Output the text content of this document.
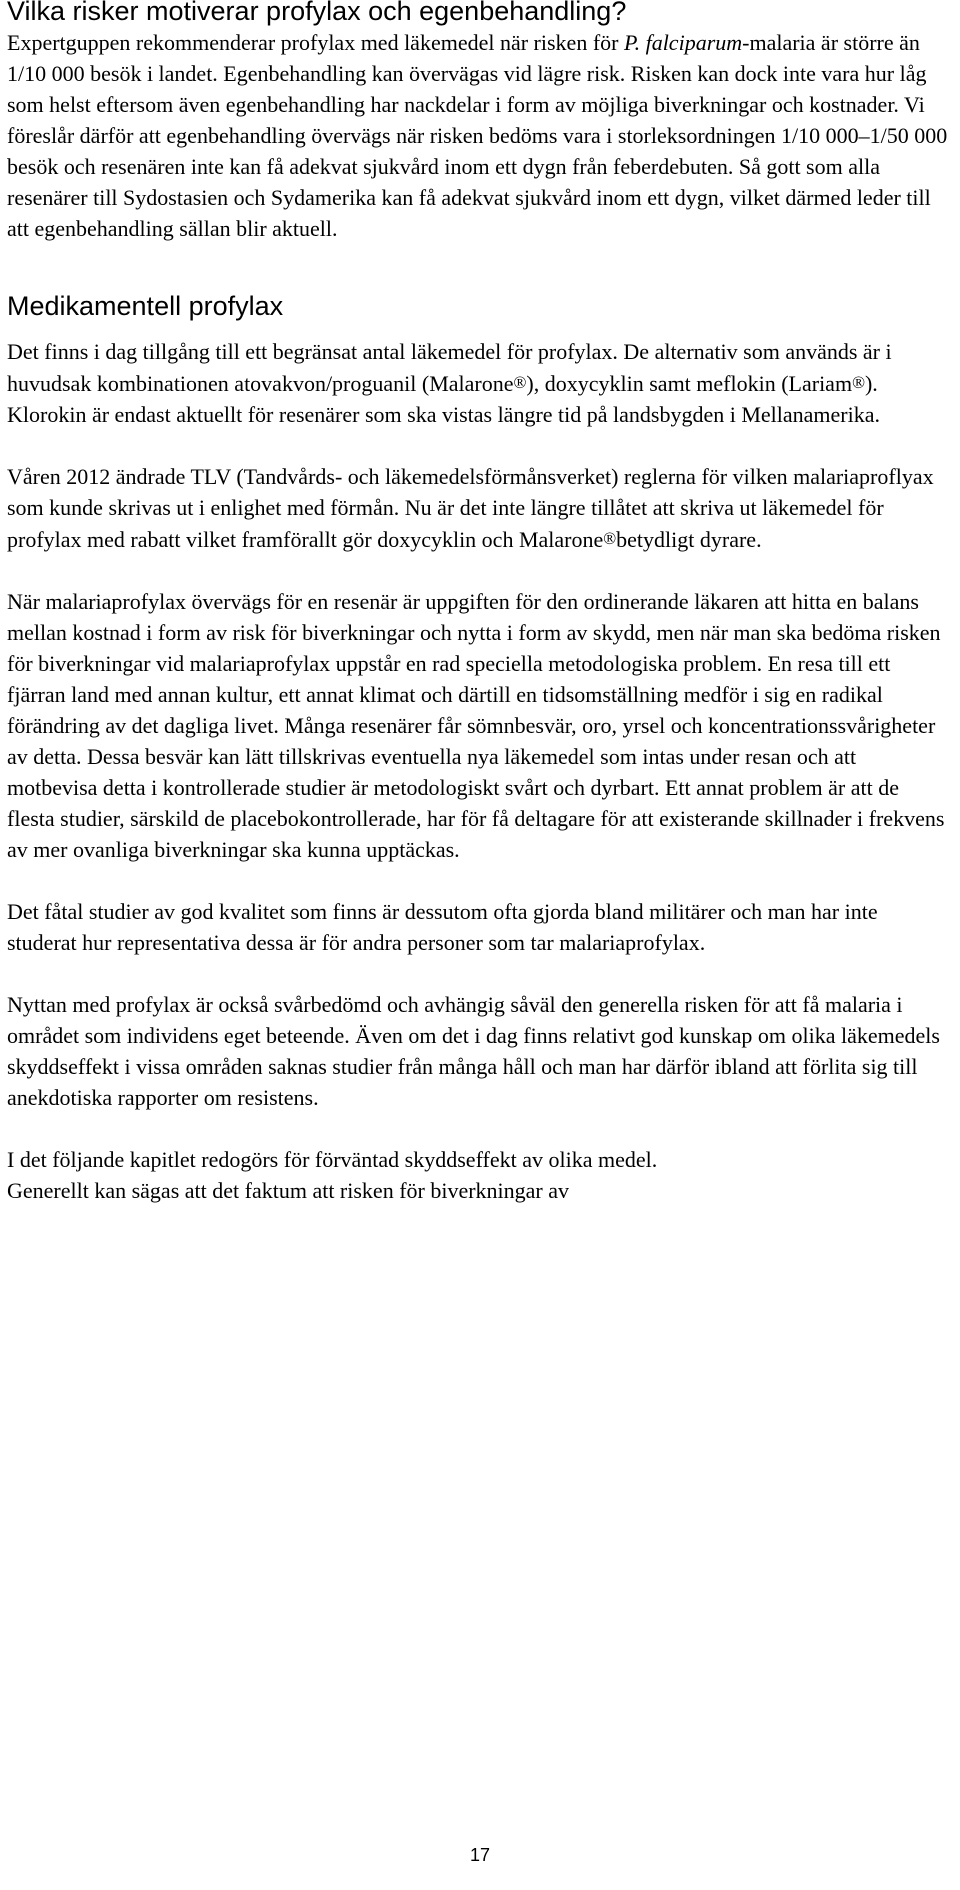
Vilka risker motiverar profylax och egenbehandling?

Expertguppen rekommenderar profylax med läkemedel när risken för P. falciparum-malaria är större än 1/10 000 besök i landet. Egenbehandling kan övervägas vid lägre risk. Risken kan dock inte vara hur låg som helst eftersom även egenbehandling har nackdelar i form av möjliga biverkningar och kostnader. Vi föreslår därför att egenbehandling övervägs när risken bedöms vara i storleksordningen 1/10 000–1/50 000 besök och resenären inte kan få adekvat sjukvård inom ett dygn från feberdebuten. Så gott som alla resenärer till Sydostasien och Sydamerika kan få adekvat sjukvård inom ett dygn, vilket därmed leder till att egenbehandling sällan blir aktuell.

Medikamentell profylax

Det finns i dag tillgång till ett begränsat antal läkemedel för profylax. De alternativ som används är i huvudsak kombinationen atovakvon/proguanil (Malarone®), doxycyklin samt meflokin (Lariam®). Klorokin är endast aktuellt för resenärer som ska vistas längre tid på landsbygden i Mellanamerika.

Våren 2012 ändrade TLV (Tandvårds- och läkemedelsförmånsverket) reglerna för vilken malariaproflyax som kunde skrivas ut i enlighet med förmån. Nu är det inte längre tillåtet att skriva ut läkemedel för profylax med rabatt vilket framförallt gör doxycyklin och Malarone®betydligt dyrare.

När malariaprofylax övervägs för en resenär är uppgiften för den ordinerande läkaren att hitta en balans mellan kostnad i form av risk för biverkningar och nytta i form av skydd, men när man ska bedöma risken för biverkningar vid malariaprofylax uppstår en rad speciella metodologiska problem. En resa till ett fjärran land med annan kultur, ett annat klimat och därtill en tidsomställning medför i sig en radikal förändring av det dagliga livet. Många resenärer får sömnbesvär, oro, yrsel och koncentrationssvårigheter av detta. Dessa besvär kan lätt tillskrivas eventuella nya läkemedel som intas under resan och att motbevisa detta i kontrollerade studier är metodologiskt svårt och dyrbart. Ett annat problem är att de flesta studier, särskild de placebokontrollerade, har för få deltagare för att existerande skillnader i frekvens av mer ovanliga biverkningar ska kunna upptäckas.

Det fåtal studier av god kvalitet som finns är dessutom ofta gjorda bland militärer och man har inte studerat hur representativa dessa är för andra personer som tar malariaprofylax.

Nyttan med profylax är också svårbedömd och avhängig såväl den generella risken för att få malaria i området som individens eget beteende. Även om det i dag finns relativt god kunskap om olika läkemedels skyddseffekt i vissa områden saknas studier från många håll och man har därför ibland att förlita sig till anekdotiska rapporter om resistens.

I det följande kapitlet redogörs för förväntad skyddseffekt av olika medel.
Generellt kan sägas att det faktum att risken för biverkningar av

17
